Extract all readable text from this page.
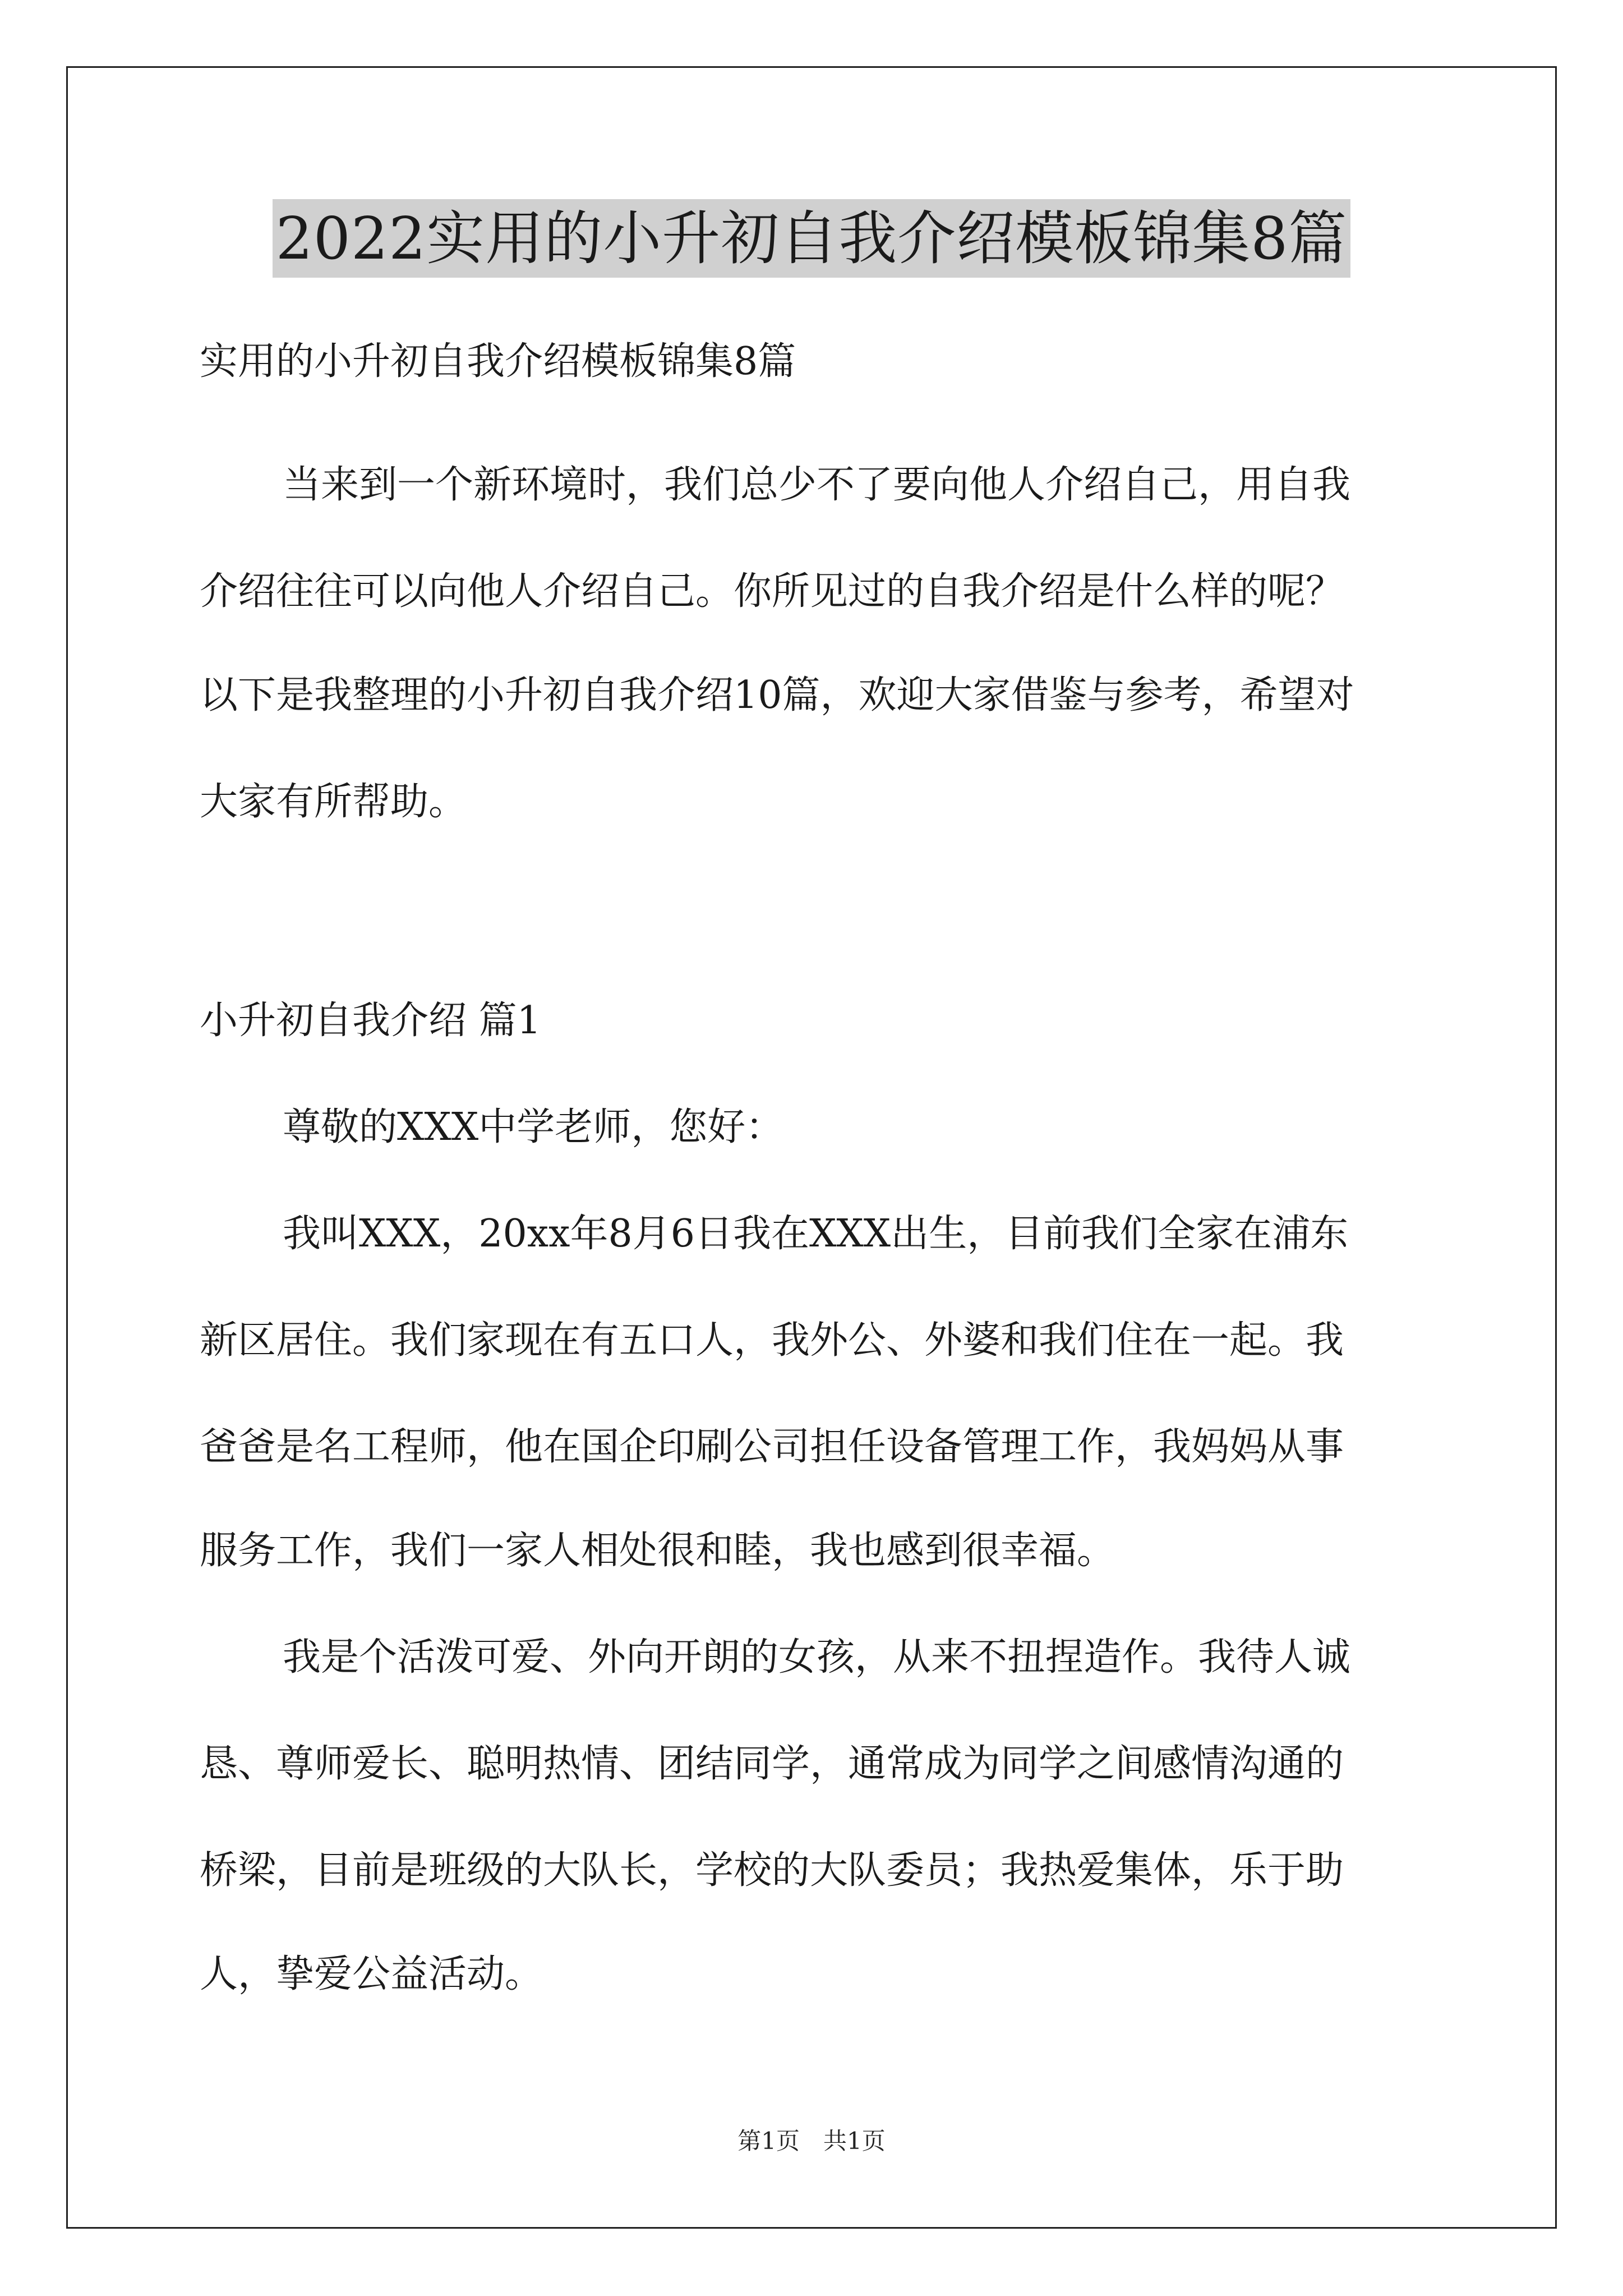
2022实用的小升初自我介绍模板锦集8篇
实用的小升初自我介绍模板锦集8篇
当来到一个新环境时，我们总少不了要向他人介绍自己，用自我
介绍往往可以向他人介绍自己。你所见过的自我介绍是什么样的呢？
以下是我整理的小升初自我介绍10篇，欢迎大家借鉴与参考，希望对
大家有所帮助。
小升初自我介绍 篇1
尊敬的XXX中学老师，您好：
我叫XXX，20xx年8月6日我在XXX出生，目前我们全家在浦东
新区居住。我们家现在有五口人，我外公、外婆和我们住在一起。我
爸爸是名工程师，他在国企印刷公司担任设备管理工作，我妈妈从事
服务工作，我们一家人相处很和睦，我也感到很幸福。
我是个活泼可爱、外向开朗的女孩，从来不扭捏造作。我待人诚
恳、尊师爱长、聪明热情、团结同学，通常成为同学之间感情沟通的
桥梁，目前是班级的大队长，学校的大队委员；我热爱集体，乐于助
人，挚爱公益活动。
第1页　共1页
